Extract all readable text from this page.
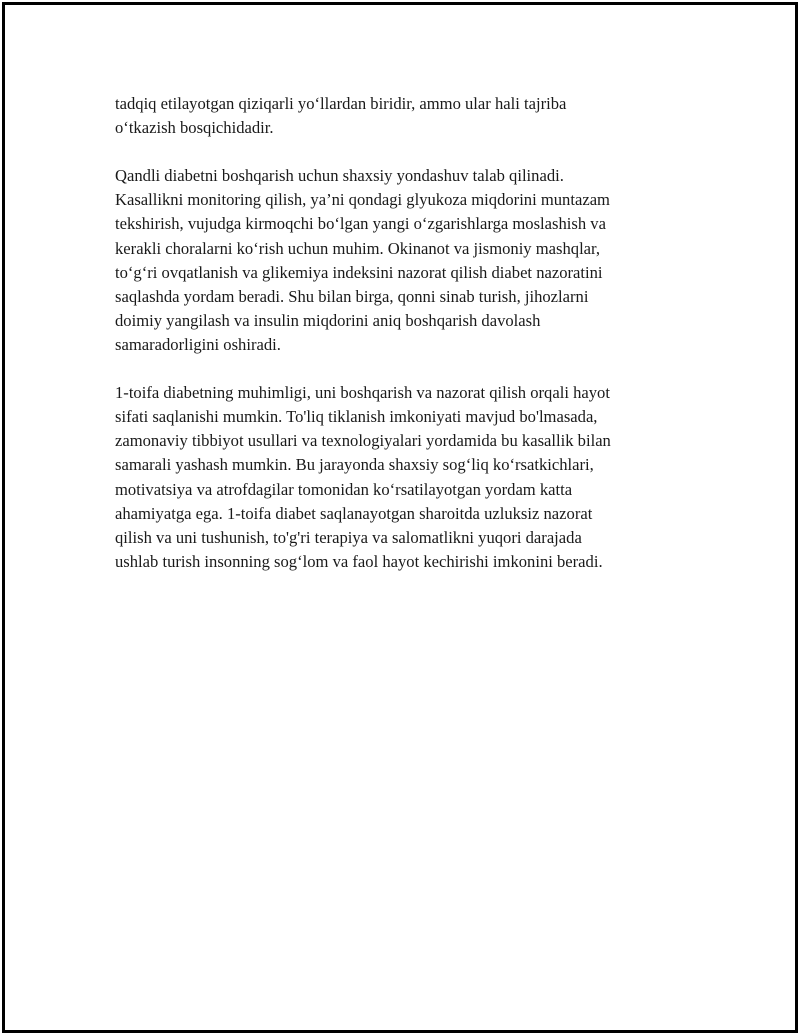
tadqiq etilayotgan qiziqarli yo‘llardan biridir, ammo ular hali tajriba
o‘tkazish bosqichidadir.

Qandli diabetni boshqarish uchun shaxsiy yondashuv talab qilinadi.
Kasallikni monitoring qilish, ya’ni qondagi glyukoza miqdorini muntazam
tekshirish, vujudga kirmoqchi bo‘lgan yangi o‘zgarishlarga moslashish va
kerakli choralarni ko‘rish uchun muhim. Okinanot va jismoniy mashqlar,
to‘g‘ri ovqatlanish va glikemiya indeksini nazorat qilish diabet nazoratini
saqlashda yordam beradi. Shu bilan birga, qonni sinab turish, jihozlarni
doimiy yangilash va insulin miqdorini aniq boshqarish davolash
samaradorligini oshiradi.

1-toifa diabetning muhimligi, uni boshqarish va nazorat qilish orqali hayot
sifati saqlanishi mumkin. To'liq tiklanish imkoniyati mavjud bo'lmasada,
zamonaviy tibbiyot usullari va texnologiyalari yordamida bu kasallik bilan
samarali yashash mumkin. Bu jarayonda shaxsiy sog‘liq ko‘rsatkichlari,
motivatsiya va atrofdagilar tomonidan ko‘rsatilayotgan yordam katta
ahamiyatga ega. 1-toifa diabet saqlanayotgan sharoitda uzluksiz nazorat
qilish va uni tushunish, to'g'ri terapiya va salomatlikni yuqori darajada
ushlab turish insonning sog‘lom va faol hayot kechirishi imkonini beradi.
